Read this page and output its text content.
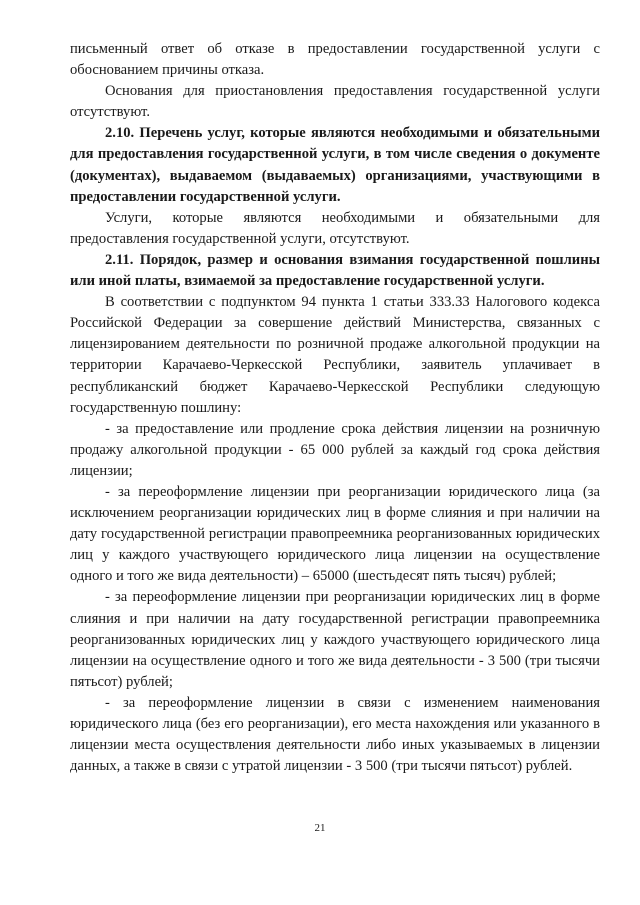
письменный ответ об отказе в предоставлении государственной услуги с обоснованием причины отказа.

Основания для приостановления предоставления государственной услуги отсутствуют.

2.10. Перечень услуг, которые являются необходимыми и обязательными для предоставления государственной услуги, в том числе сведения о документе (документах), выдаваемом (выдаваемых) организациями, участвующими в предоставлении государственной услуги.

Услуги, которые являются необходимыми и обязательными для предоставления государственной услуги, отсутствуют.

2.11. Порядок, размер и основания взимания государственной пошлины или иной платы, взимаемой за предоставление государственной услуги.

В соответствии с подпунктом 94 пункта 1 статьи 333.33 Налогового кодекса Российской Федерации за совершение действий Министерства, связанных с лицензированием деятельности по розничной продаже алкогольной продукции на территории Карачаево-Черкесской Республики, заявитель уплачивает в республиканский бюджет Карачаево-Черкесской Республики следующую государственную пошлину:

- за предоставление или продление срока действия лицензии на розничную продажу алкогольной продукции - 65 000 рублей за каждый год срока действия лицензии;

- за переоформление лицензии при реорганизации юридического лица (за исключением реорганизации юридических лиц в форме слияния и при наличии на дату государственной регистрации правопреемника реорганизованных юридических лиц у каждого участвующего юридического лица лицензии на осуществление одного и того же вида деятельности) – 65000 (шестьдесят пять тысяч) рублей;

- за переоформление лицензии при реорганизации юридических лиц в форме слияния и при наличии на дату государственной регистрации правопреемника реорганизованных юридических лиц у каждого участвующего юридического лица лицензии на осуществление одного и того же вида деятельности - 3 500 (три тысячи пятьсот) рублей;

- за переоформление лицензии в связи с изменением наименования юридического лица (без его реорганизации), его места нахождения или указанного в лицензии места осуществления деятельности либо иных указываемых в лицензии данных, а также в связи с утратой лицензии - 3 500 (три тысячи пятьсот) рублей.

21
